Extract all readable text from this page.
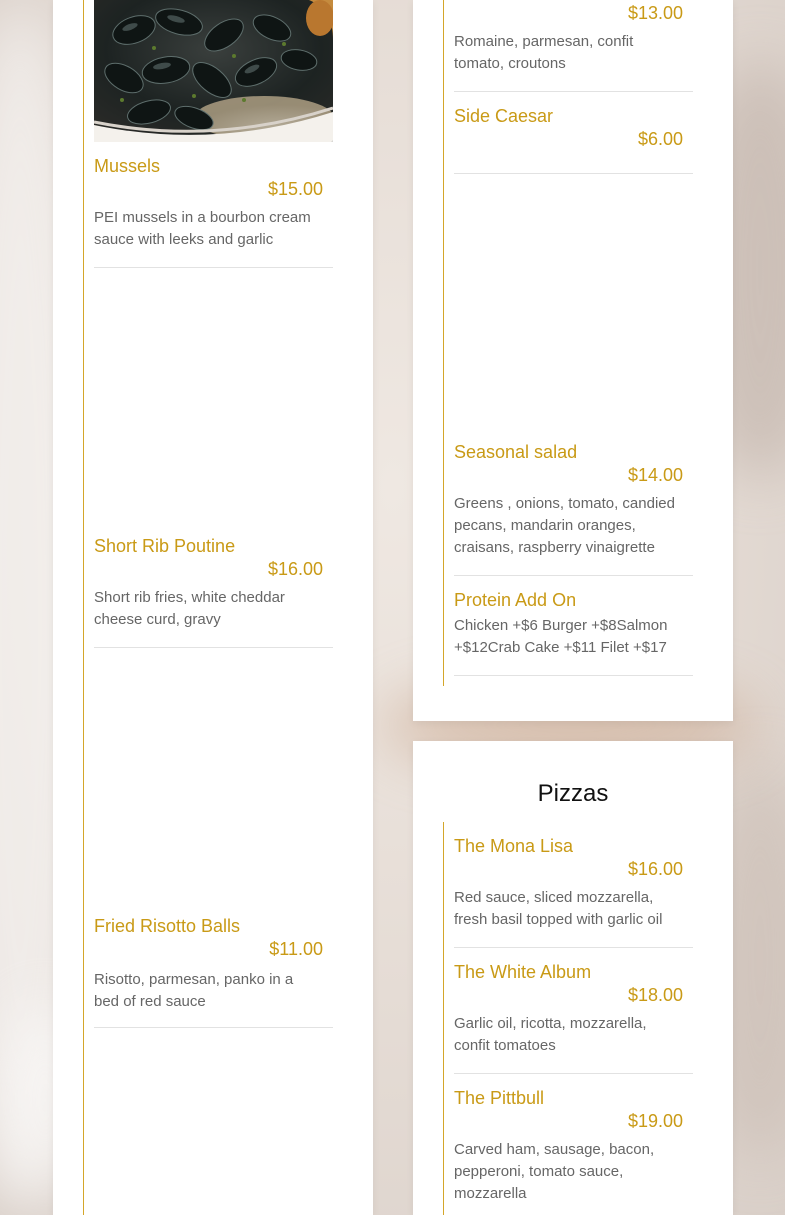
Mussels
$15.00
PEI mussels in a bourbon cream sauce with leeks and garlic
Short Rib Poutine
$16.00
Short rib fries, white cheddar cheese curd, gravy
Fried Risotto Balls
$11.00
Risotto, parmesan, panko in a bed of red sauce
$13.00
Romaine, parmesan, confit tomato, croutons
Side Caesar
$6.00
Seasonal salad
$14.00
Greens , onions, tomato, candied pecans, mandarin oranges, craisans, raspberry vinaigrette
Protein Add On
Chicken +$6 Burger +$8Salmon +$12Crab Cake +$11 Filet +$17
Pizzas
The Mona Lisa
$16.00
Red sauce, sliced mozzarella, fresh basil topped with garlic oil
The White Album
$18.00
Garlic oil, ricotta, mozzarella, confit tomatoes
The Pittbull
$19.00
Carved ham, sausage, bacon, pepperoni, tomato sauce, mozzarella
